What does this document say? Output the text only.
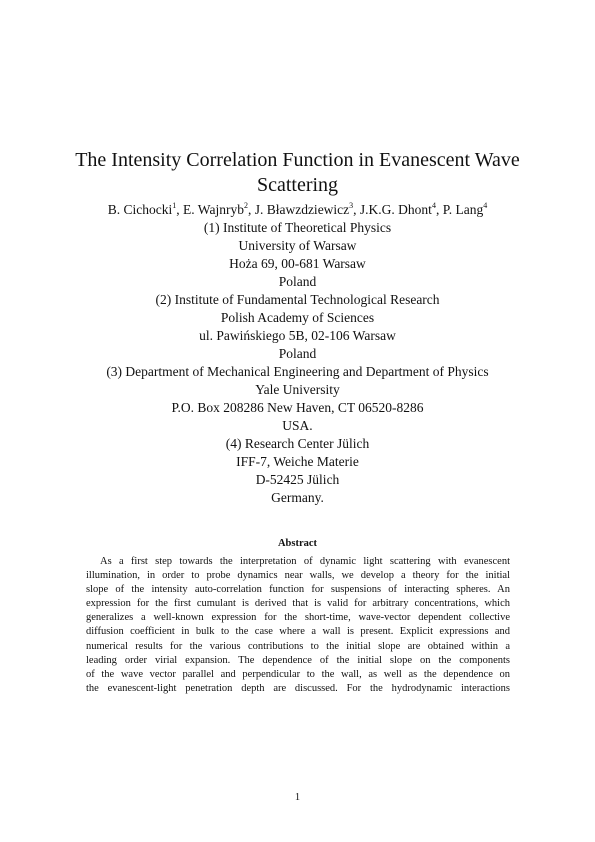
The Intensity Correlation Function in Evanescent Wave Scattering
B. Cichocki$^1$, E. Wajnryb$^2$, J. Bławzdziewicz$^3$, J.K.G. Dhont$^4$, P. Lang$^4$
(1) Institute of Theoretical Physics
University of Warsaw
Hoża 69, 00-681 Warsaw
Poland
(2) Institute of Fundamental Technological Research
Polish Academy of Sciences
ul. Pawińskiego 5B, 02-106 Warsaw
Poland
(3) Department of Mechanical Engineering and Department of Physics
Yale University
P.O. Box 208286 New Haven, CT 06520-8286
USA.
(4) Research Center Jülich
IFF-7, Weiche Materie
D-52425 Jülich
Germany.
Abstract
As a first step towards the interpretation of dynamic light scattering with evanescent
illumination, in order to probe dynamics near walls, we develop a theory for the initial
slope of the intensity auto-correlation function for suspensions of interacting spheres. An
expression for the first cumulant is derived that is valid for arbitrary concentrations, which
generalizes a well-known expression for the short-time, wave-vector dependent collective
diffusion coefficient in bulk to the case where a wall is present. Explicit expressions and
numerical results for the various contributions to the initial slope are obtained within a
leading order virial expansion. The dependence of the initial slope on the components
of the wave vector parallel and perpendicular to the wall, as well as the dependence on
the evanescent-light penetration depth are discussed. For the hydrodynamic interactions
1
